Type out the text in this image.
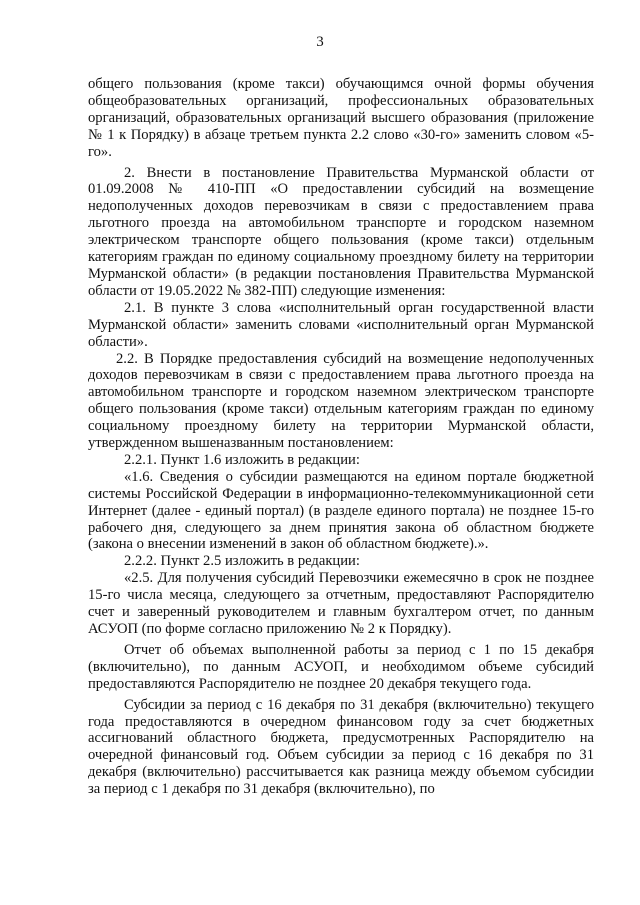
3

общего пользования (кроме такси) обучающимся очной формы обучения общеобразовательных организаций, профессиональных образовательных организаций, образовательных организаций высшего образования (приложение № 1 к Порядку) в абзаце третьем пункта 2.2 слово «30-го» заменить словом «5-го».

2. Внести в постановление Правительства Мурманской области от 01.09.2008 № 410-ПП «О предоставлении субсидий на возмещение недополученных доходов перевозчикам в связи с предоставлением права льготного проезда на автомобильном транспорте и городском наземном электрическом транспорте общего пользования (кроме такси) отдельным категориям граждан по единому социальному проездному билету на территории Мурманской области» (в редакции постановления Правительства Мурманской области от 19.05.2022 № 382-ПП) следующие изменения:

2.1. В пункте 3 слова «исполнительный орган государственной власти Мурманской области» заменить словами «исполнительный орган Мурманской области».

2.2. В Порядке предоставления субсидий на возмещение недополученных доходов перевозчикам в связи с предоставлением права льготного проезда на автомобильном транспорте и городском наземном электрическом транспорте общего пользования (кроме такси) отдельным категориям граждан по единому социальному проездному билету на территории Мурманской области, утвержденном вышеназванным постановлением:

2.2.1. Пункт 1.6 изложить в редакции:

«1.6. Сведения о субсидии размещаются на едином портале бюджетной системы Российской Федерации в информационно-телекоммуникационной сети Интернет (далее - единый портал) (в разделе единого портала) не позднее 15-го рабочего дня, следующего за днем принятия закона об областном бюджете (закона о внесении изменений в закон об областном бюджете).».

2.2.2. Пункт 2.5 изложить в редакции:

«2.5. Для получения субсидий Перевозчики ежемесячно в срок не позднее 15-го числа месяца, следующего за отчетным, предоставляют Распорядителю счет и заверенный руководителем и главным бухгалтером отчет, по данным АСУОП (по форме согласно приложению № 2 к Порядку).

Отчет об объемах выполненной работы за период с 1 по 15 декабря (включительно), по данным АСУОП, и необходимом объеме субсидий предоставляются Распорядителю не позднее 20 декабря текущего года.

Субсидии за период с 16 декабря по 31 декабря (включительно) текущего года предоставляются в очередном финансовом году за счет бюджетных ассигнований областного бюджета, предусмотренных Распорядителю на очередной финансовый год. Объем субсидии за период с 16 декабря по 31 декабря (включительно) рассчитывается как разница между объемом субсидии за период с 1 декабря по 31 декабря (включительно), по
